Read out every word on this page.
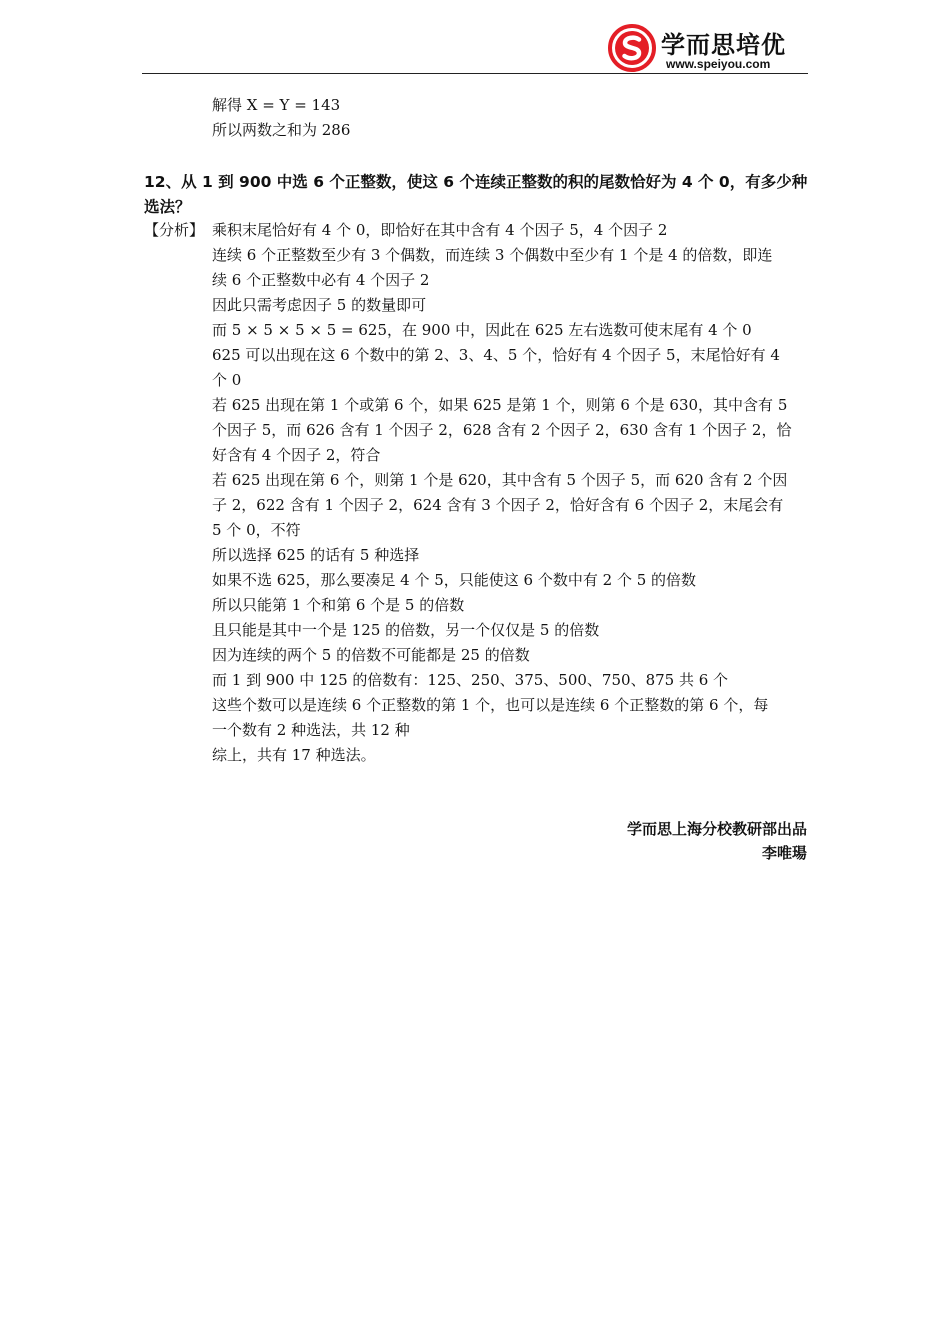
学而思培优
www.speiyou.com
解得 X = Y = 143
所以两数之和为 286
12、从 1 到 900 中选 6 个正整数，使这 6 个连续正整数的积的尾数恰好为 4 个 0，有多少种
选法？
【分析】 乘积末尾恰好有 4 个 0，即恰好在其中含有 4 个因子 5，4 个因子 2
连续 6 个正整数至少有 3 个偶数，而连续 3 个偶数中至少有 1 个是 4 的倍数，即连
续 6 个正整数中必有 4 个因子 2
因此只需考虑因子 5 的数量即可
而 5 × 5 × 5 × 5 = 625，在 900 中，因此在 625 左右选数可使末尾有 4 个 0
625 可以出现在这 6 个数中的第 2、3、4、5 个，恰好有 4 个因子 5，末尾恰好有 4
个 0
若 625 出现在第 1 个或第 6 个，如果 625 是第 1 个，则第 6 个是 630，其中含有 5
个因子 5，而 626 含有 1 个因子 2，628 含有 2 个因子 2，630 含有 1 个因子 2，恰
好含有 4 个因子 2，符合
若 625 出现在第 6 个，则第 1 个是 620，其中含有 5 个因子 5，而 620 含有 2 个因
子 2，622 含有 1 个因子 2，624 含有 3 个因子 2，恰好含有 6 个因子 2，末尾会有
5 个 0，不符
所以选择 625 的话有 5 种选择
如果不选 625，那么要凑足 4 个 5，只能使这 6 个数中有 2 个 5 的倍数
所以只能第 1 个和第 6 个是 5 的倍数
且只能是其中一个是 125 的倍数，另一个仅仅是 5 的倍数
因为连续的两个 5 的倍数不可能都是 25 的倍数
而 1 到 900 中 125 的倍数有：125、250、375、500、750、875 共 6 个
这些个数可以是连续 6 个正整数的第 1 个，也可以是连续 6 个正整数的第 6 个，每
一个数有 2 种选法，共 12 种
综上，共有 17 种选法。
学而思上海分校教研部出品
李唯瑒
